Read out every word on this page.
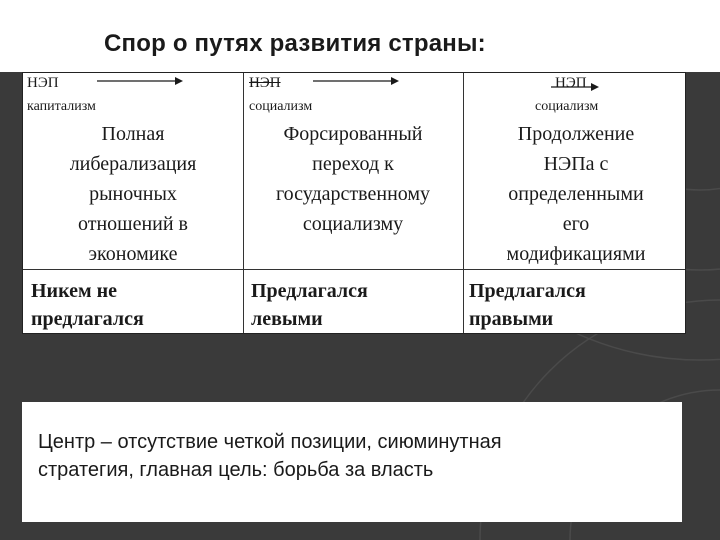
Спор о путях развития страны:
НЭП
капитализм
Полная
либерализация
рыночных
отношений в
экономике
Никем не
предлагался
НЭП
социализм
Форсированный
переход к
государственному
социализму
Предлагался
левыми
НЭП
социализм
Продолжение
НЭПа с
определенными
его
модификациями
Предлагался
правыми
Центр – отсутствие четкой позиции, сиюминутная
стратегия, главная цель: борьба за власть
